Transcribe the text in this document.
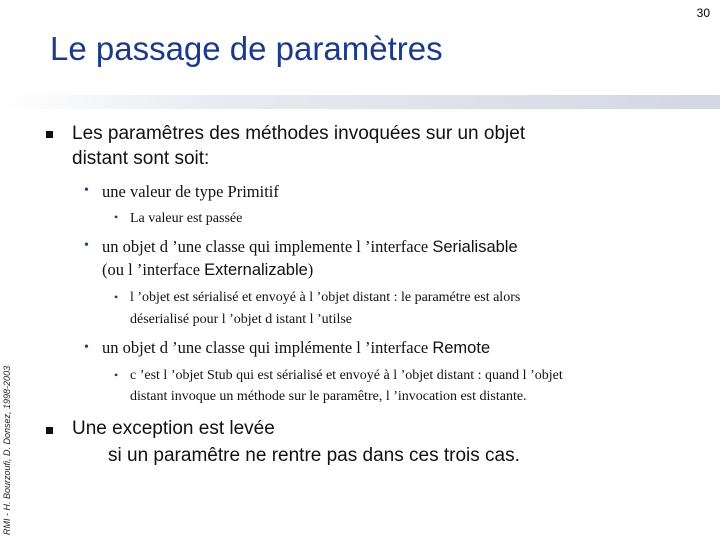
30
Le passage de paramètres
RMI - H. Bourzoufi, D. Donsez, 1998-2003
Les paramêtres des méthodes invoquées sur un objet
distant sont soit:
• une valeur de type Primitif
• La valeur est passée
• un objet d ’une classe qui implemente l ’interface Serialisable
(ou l ’interface Externalizable)
• l ’objet est sérialisé et envoyé à l ’objet distant : le paramétre est alors
déserialisé pour l ’objet d istant l ’utilse
• un objet d ’une classe qui implémente l ’interface Remote
• c ’est l ’objet Stub qui est sérialisé et envoyé à l ’objet distant : quand l ’objet
distant invoque un méthode sur le paramêtre, l ’invocation est distante.
Une exception est levée
si un paramêtre ne rentre pas dans ces trois cas.
